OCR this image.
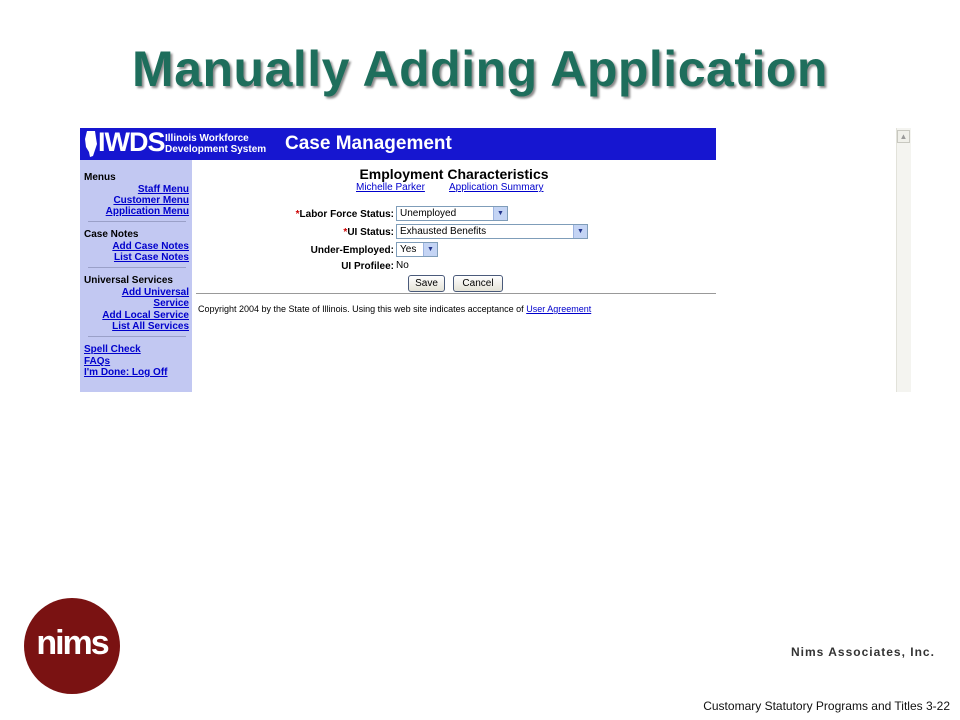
Manually Adding Application
IWDS Illinois Workforce
Development System Case Management
Menus
Staff Menu
Customer Menu
Application Menu
Case Notes
Add Case Notes
List Case Notes
Universal Services
Add Universal
Service
Add Local Service
List All Services
Spell Check
FAQs
I'm Done: Log Off
Employment Characteristics
Michelle Parker Application Summary
*Labor Force Status: Unemployed	▼
*UI Status: Exhausted Benefits	▼
Under-Employed: Yes	▼
UI Profilee: No
Save	Cancel
Copyright 2004 by the State of Illinois. Using this web site indicates acceptance of User Agreement
▲
nims	Nims Associates, Inc.
Customary Statutory Programs and Titles 3-22
